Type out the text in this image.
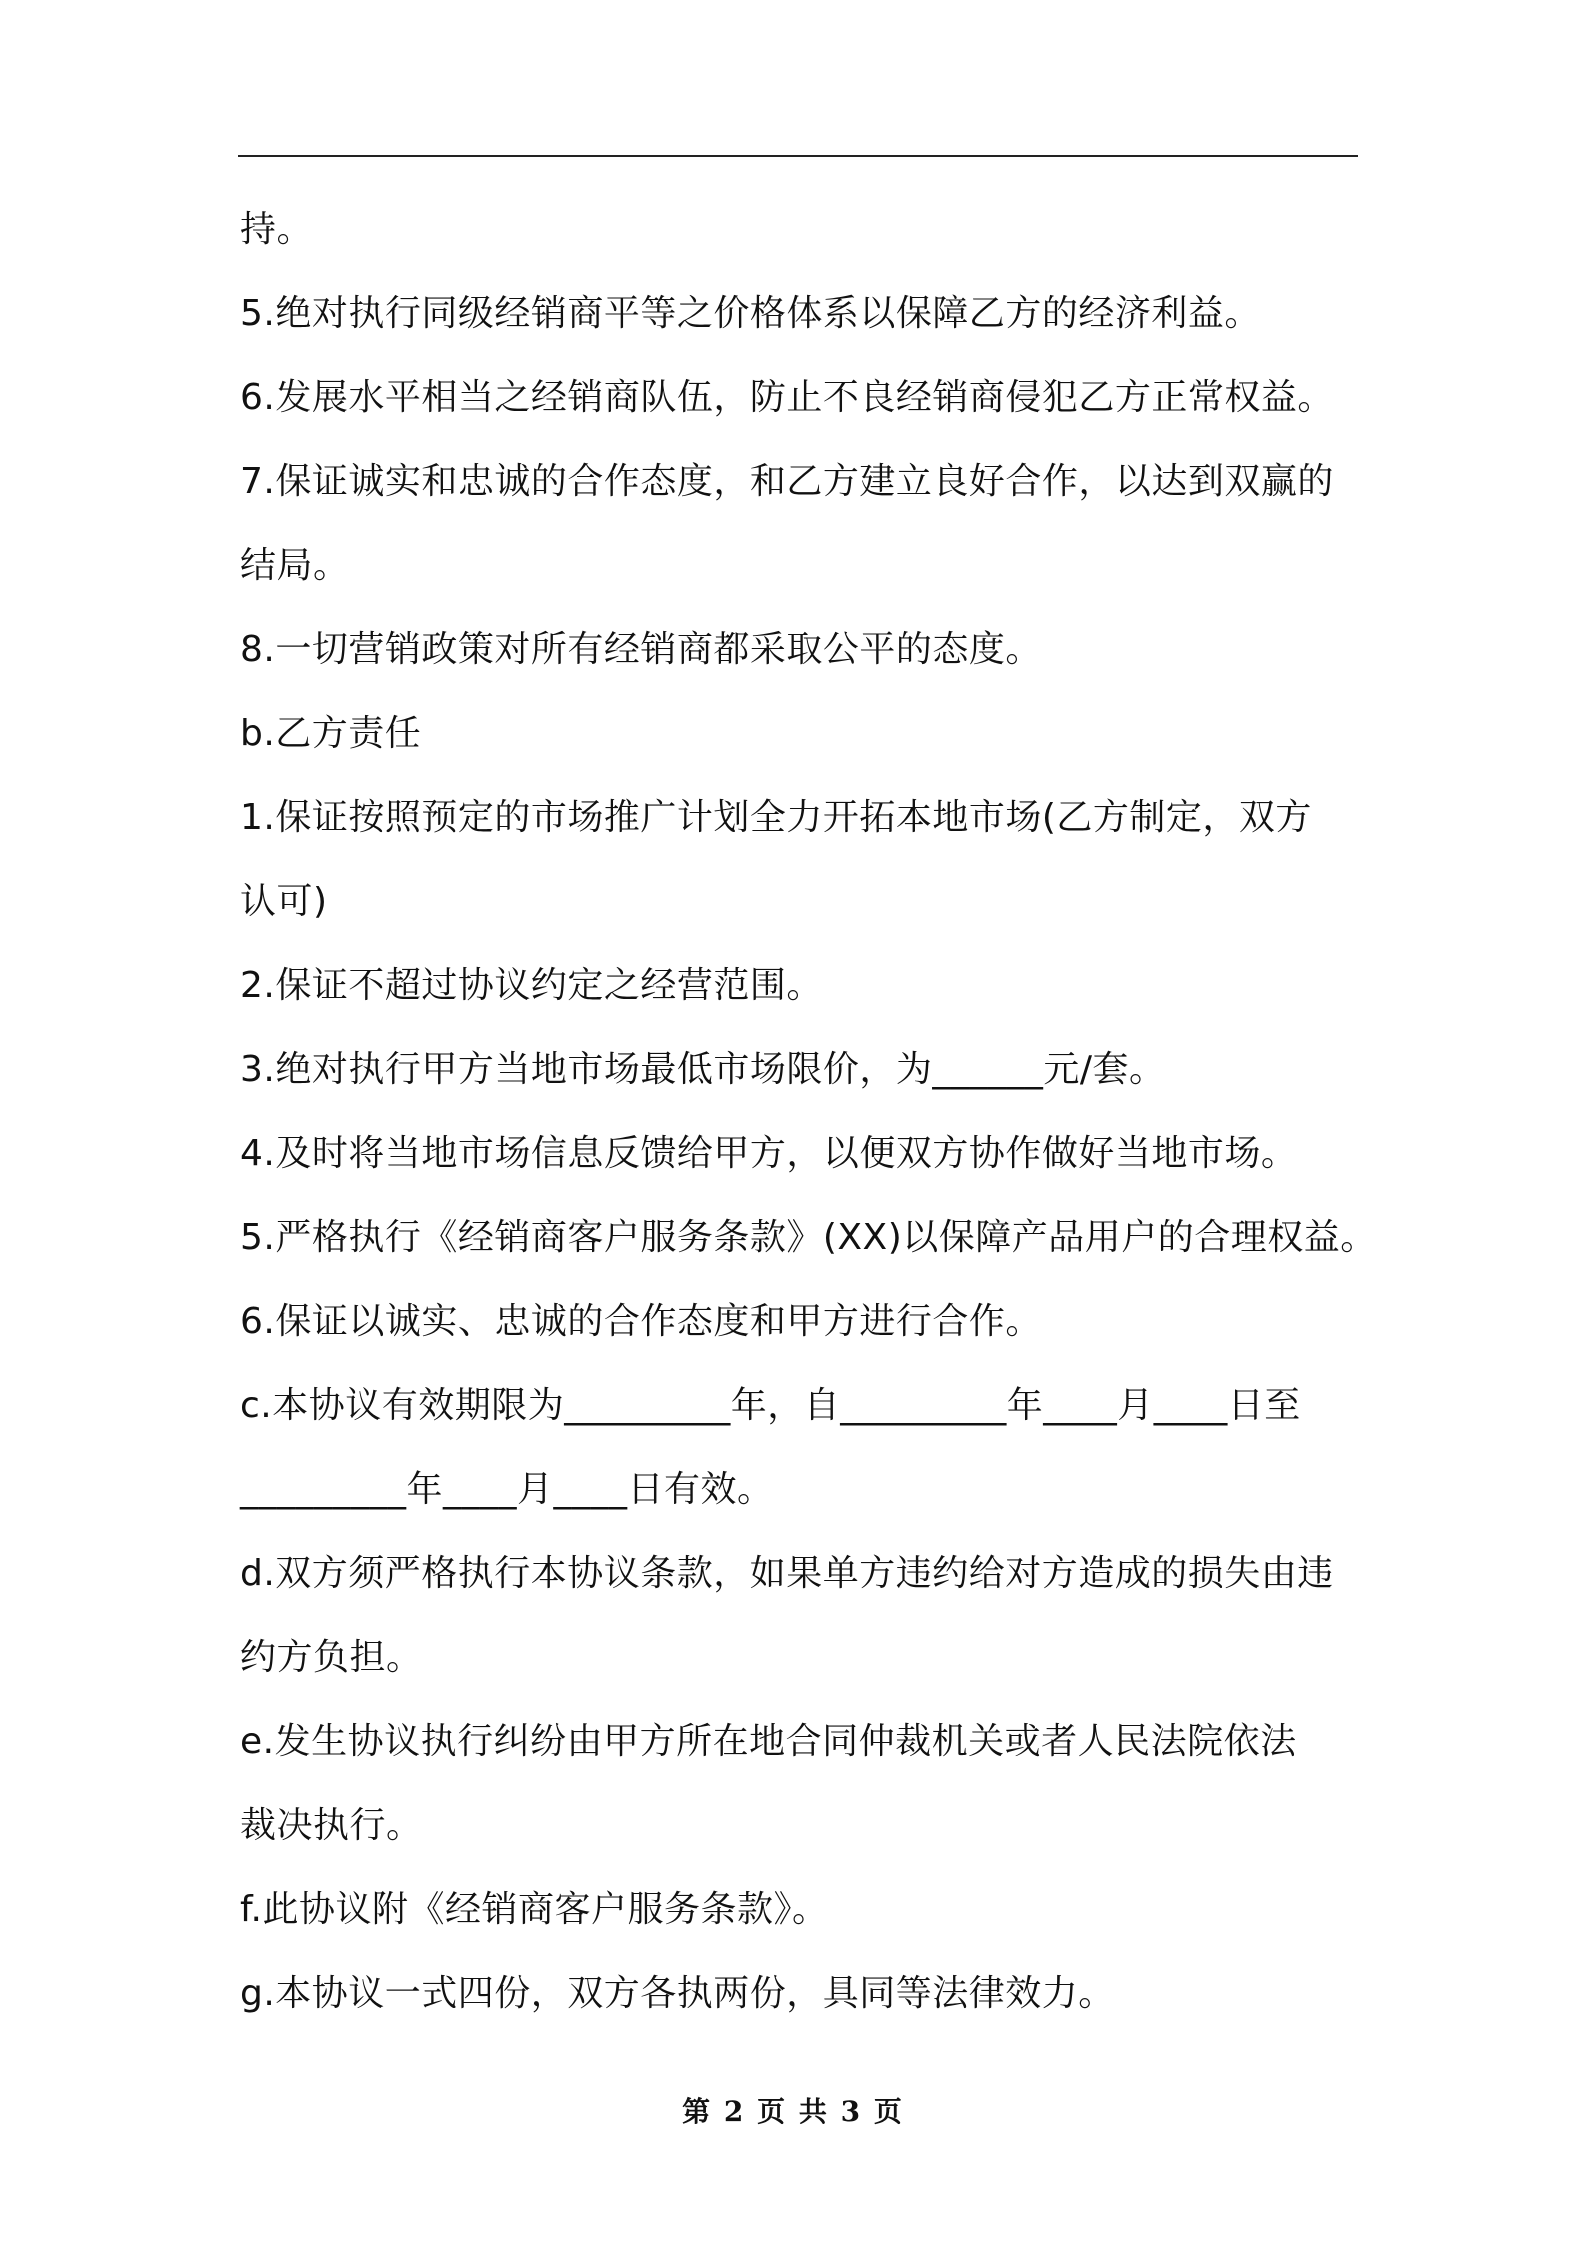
持。
5.绝对执行同级经销商平等之价格体系以保障乙方的经济利益。
6.发展水平相当之经销商队伍，防止不良经销商侵犯乙方正常权益。
7.保证诚实和忠诚的合作态度，和乙方建立良好合作，以达到双赢的
结局。
8.一切营销政策对所有经销商都采取公平的态度。
b.乙方责任
1.保证按照预定的市场推广计划全力开拓本地市场(乙方制定，双方
认可)
2.保证不超过协议约定之经营范围。
3.绝对执行甲方当地市场最低市场限价，为______元/套。
4.及时将当地市场信息反馈给甲方，以便双方协作做好当地市场。
5.严格执行《经销商客户服务条款》(XX)以保障产品用户的合理权益。
6.保证以诚实、忠诚的合作态度和甲方进行合作。
c.本协议有效期限为_________年，自_________年____月____日至
_________年____月____日有效。
d.双方须严格执行本协议条款，如果单方违约给对方造成的损失由违
约方负担。
e.发生协议执行纠纷由甲方所在地合同仲裁机关或者人民法院依法
裁决执行。
f.此协议附《经销商客户服务条款》。
g.本协议一式四份，双方各执两份，具同等法律效力。
第 2 页 共 3 页
